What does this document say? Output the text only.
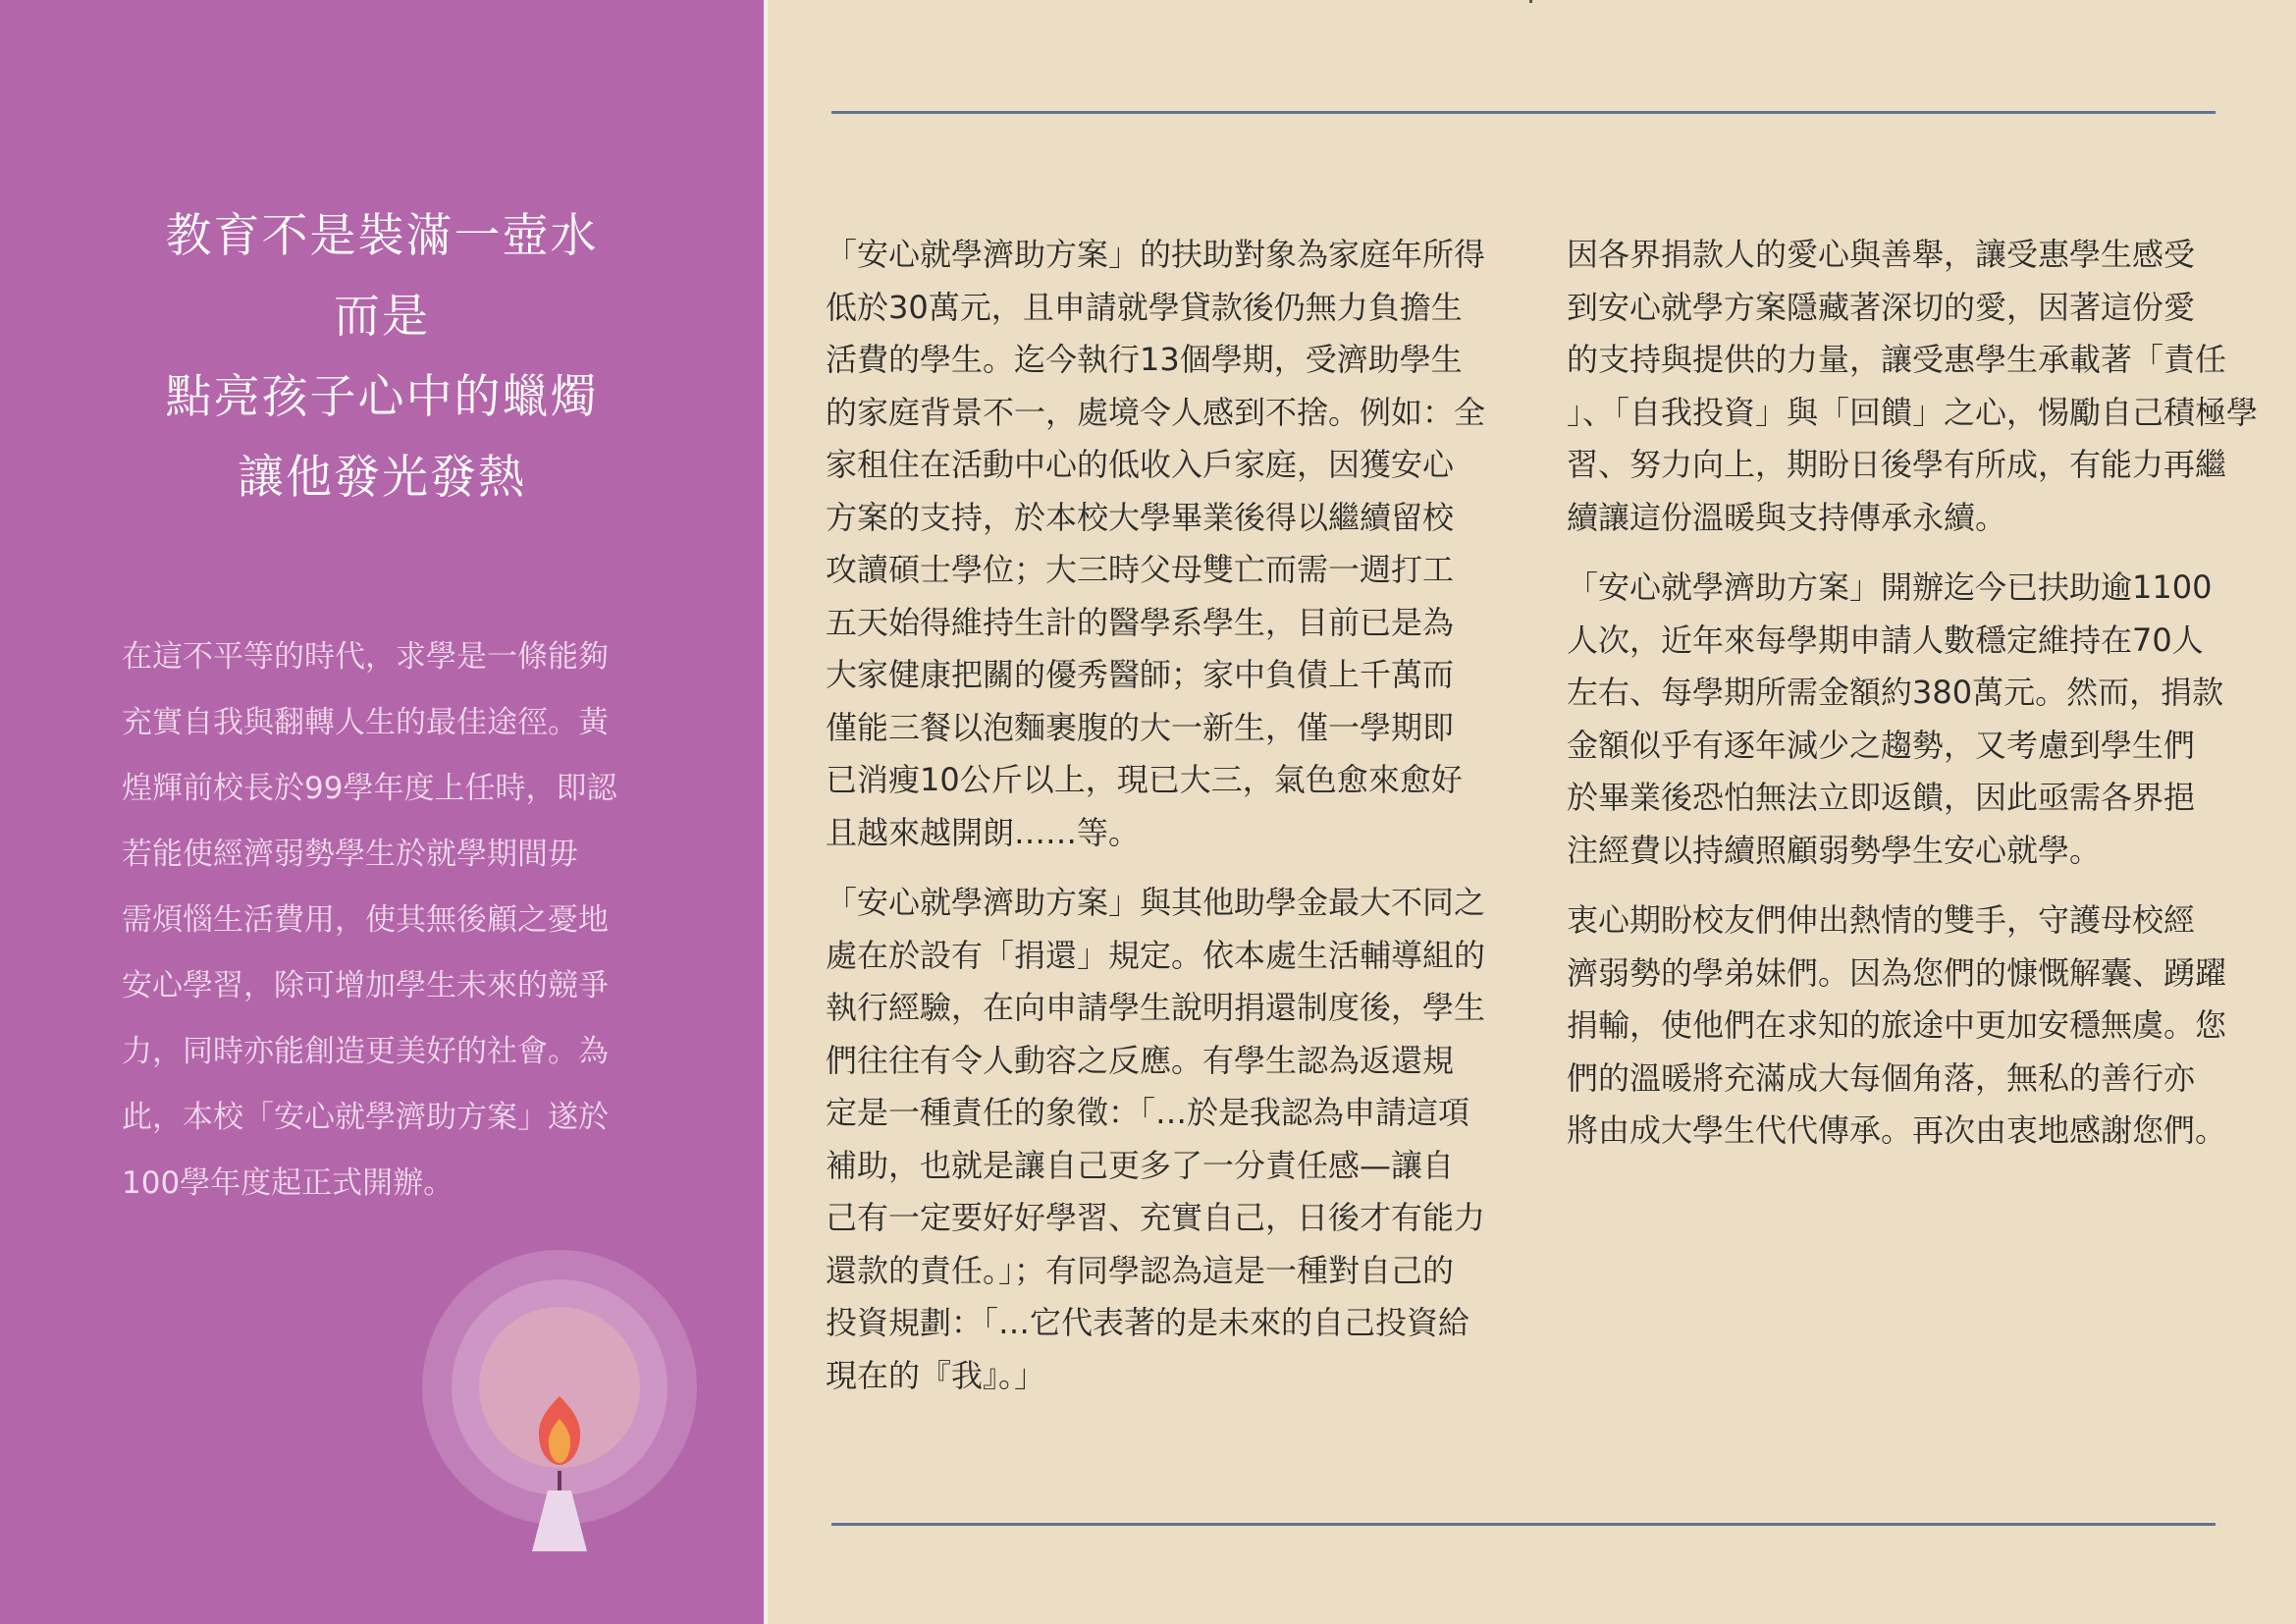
教育不是裝滿一壺水
而是
點亮孩子心中的蠟燭
讓他發光發熱
在這不平等的時代，求學是一條能夠
充實自我與翻轉人生的最佳途徑。黃
煌輝前校長於99學年度上任時，即認
若能使經濟弱勢學生於就學期間毋
需煩惱生活費用，使其無後顧之憂地
安心學習，除可增加學生未來的競爭
力，同時亦能創造更美好的社會。為
此，本校「安心就學濟助方案」遂於
100學年度起正式開辦。
「安心就學濟助方案」的扶助對象為家庭年所得
低於30萬元，且申請就學貸款後仍無力負擔生
活費的學生。迄今執行13個學期，受濟助學生
的家庭背景不一，處境令人感到不捨。例如：全
家租住在活動中心的低收入戶家庭，因獲安心
方案的支持，於本校大學畢業後得以繼續留校
攻讀碩士學位；大三時父母雙亡而需一週打工
五天始得維持生計的醫學系學生，目前已是為
大家健康把關的優秀醫師；家中負債上千萬而
僅能三餐以泡麵裹腹的大一新生，僅一學期即
已消瘦10公斤以上，現已大三，氣色愈來愈好
且越來越開朗……等。
「安心就學濟助方案」與其他助學金最大不同之
處在於設有「捐還」規定。依本處生活輔導組的
執行經驗，在向申請學生說明捐還制度後，學生
們往往有令人動容之反應。有學生認為返還規
定是一種責任的象徵：「…於是我認為申請這項
補助，也就是讓自己更多了一分責任感—讓自
己有一定要好好學習、充實自己，日後才有能力
還款的責任。」；有同學認為這是一種對自己的
投資規劃：「…它代表著的是未來的自己投資給
現在的『我』。」
因各界捐款人的愛心與善舉，讓受惠學生感受
到安心就學方案隱藏著深切的愛，因著這份愛
的支持與提供的力量，讓受惠學生承載著「責任
」、「自我投資」與「回饋」之心，惕勵自己積極學
習、努力向上，期盼日後學有所成，有能力再繼
續讓這份溫暖與支持傳承永續。
「安心就學濟助方案」開辦迄今已扶助逾1100
人次，近年來每學期申請人數穩定維持在70人
左右、每學期所需金額約380萬元。然而，捐款
金額似乎有逐年減少之趨勢，又考慮到學生們
於畢業後恐怕無法立即返饋，因此亟需各界挹
注經費以持續照顧弱勢學生安心就學。
衷心期盼校友們伸出熱情的雙手，守護母校經
濟弱勢的學弟妹們。因為您們的慷慨解囊、踴躍
捐輸，使他們在求知的旅途中更加安穩無虞。您
們的溫暖將充滿成大每個角落，無私的善行亦
將由成大學生代代傳承。再次由衷地感謝您們。
